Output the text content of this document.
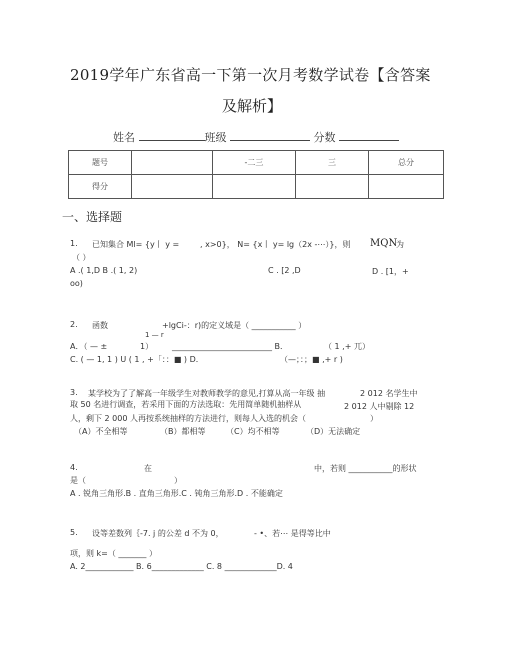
2019学年广东省高一下第一次月考数学试卷【含答案
及解析】
姓名	班级	分数
题号		-二三	三	总分
得分				
一、选择题
1. 已知集合 Ml= {y丨 y =	, x>0}， N= {x丨 y= lg（2x -⋯）}，则 MQN
为
（ ）
A .( 1,D B .( 1, 2)	C . [2 ,D	D . [1，+
oo)
2. 函数	+lgCi-：r)的定义域是（ ___________ ）
1 — r
A．（ — ±	1） _________________________ B．	（ 1 ,+ 兀）
C. ( — 1, 1 ) U ( 1 , +「：：■ ) D．	（—；：；■ ,+ r )
3. 某学校为了了解高一年级学生对教师教学的意见,打算从高一年级 抽	2 012 名学生中
取 50 名进行调查，若采用下面的方法选取：先用简单随机抽样从	2 012 人中剔除 12
人，剩下 2 000 人再按系统抽样的方法进行，则每人入选的机会（	）
（A）不全相等	（B）都相等	（C）均不相等	（D）无法确定
4.	在	中，若则 ___________的形状
是（	）
A . 锐角三角形.B . 直角三角形.C . 钝角三角形.D . 不能确定
5. 设等差数列｛-7. j 的公差 d 不为 0，	- •、若⋯ 是得等比中
项，则 k=（ _______ ）
A. 2____________ B. 6_____________ C. 8 _____________D. 4
